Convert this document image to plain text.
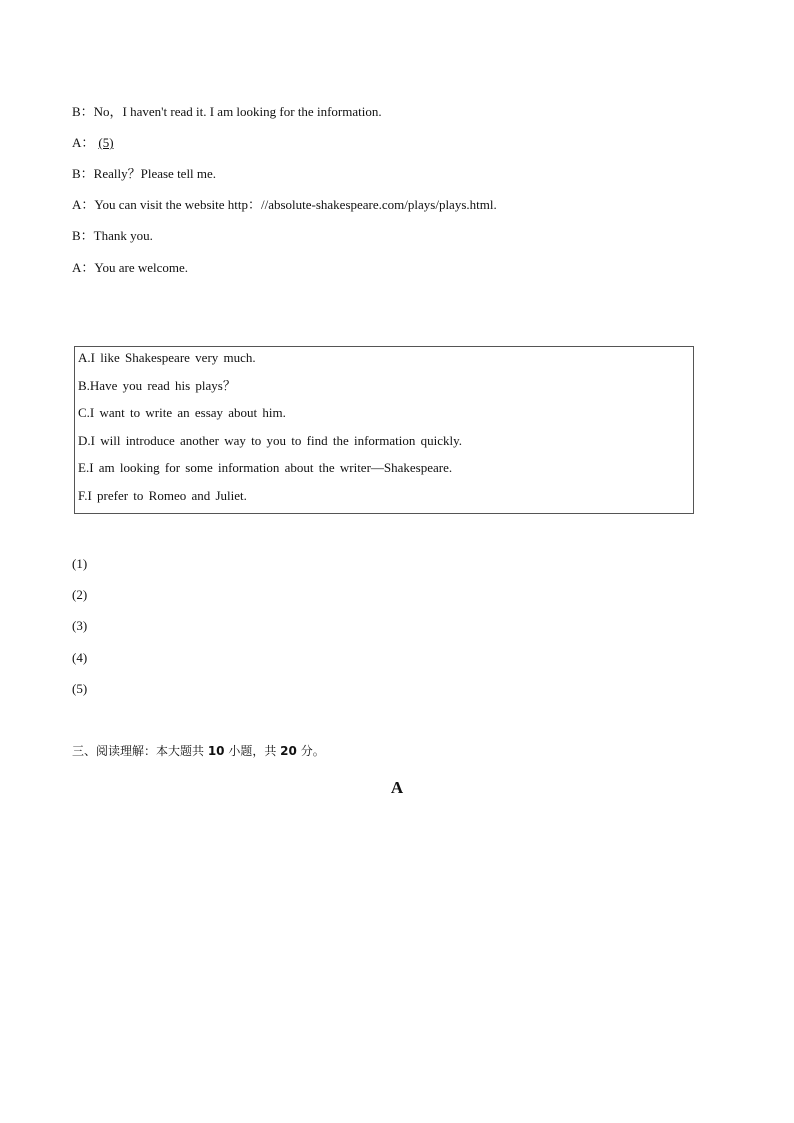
B：No，I haven't read it. I am looking for the information.
A： (5)
B：Really？Please tell me.
A：You can visit the website http：//absolute-shakespeare.com/plays/plays.html.
B：Thank you.
A：You are welcome.
A.I like Shakespeare very much.
B.Have you read his plays？
C.I want to write an essay about him.
D.I will introduce another way to you to find the information quickly.
E.I am looking for some information about the writer—Shakespeare.
F.I prefer to Romeo and Juliet.
(1)
(2)
(3)
(4)
(5)
三、阅读理解：本大题共 10 小题，共 20 分。
A
